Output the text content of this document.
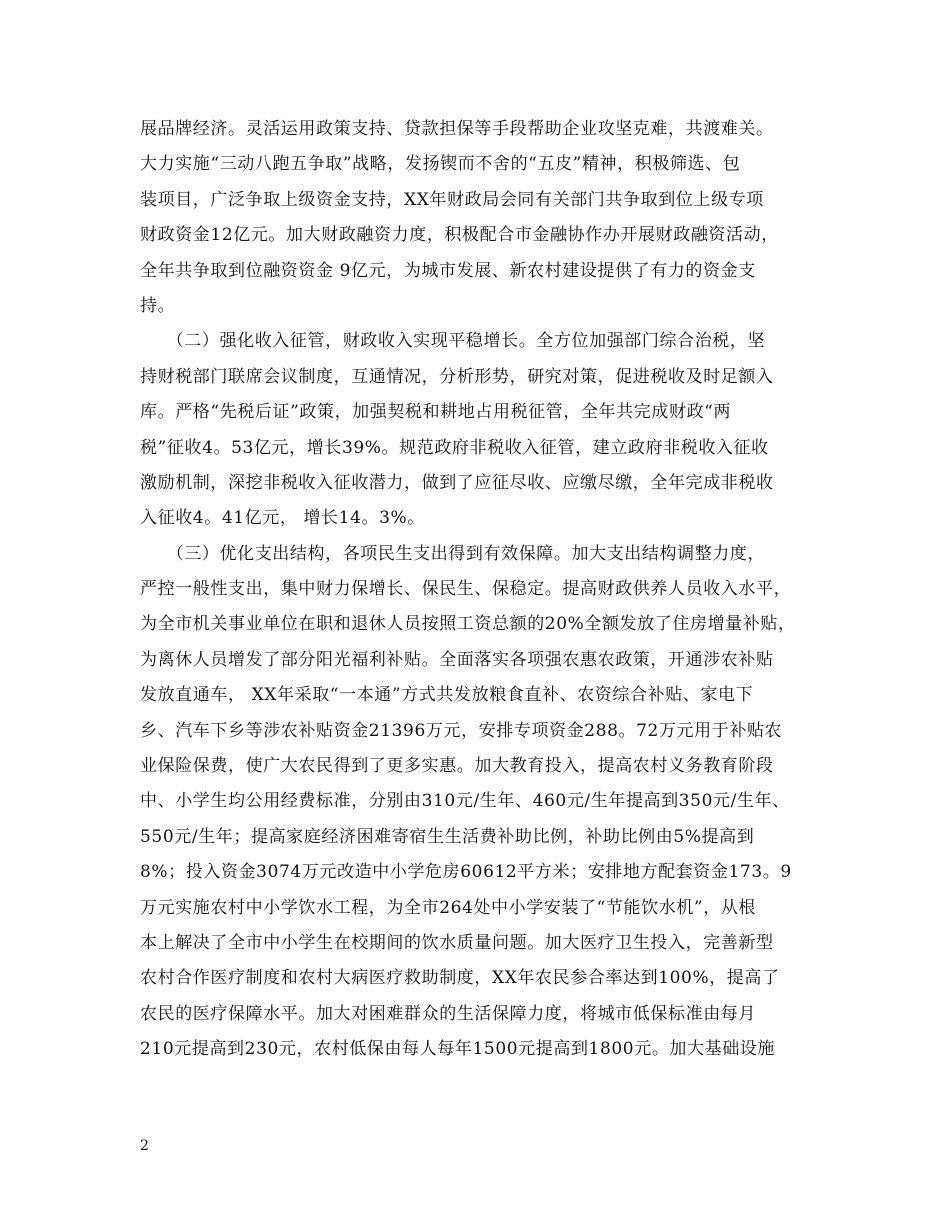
展品牌经济。灵活运用政策支持、贷款担保等手段帮助企业攻坚克难，共渡难关。
大力实施“三动八跑五争取”战略，发扬锲而不舍的“五皮”精神，积极筛选、包
装项目，广泛争取上级资金支持，XX年财政局会同有关部门共争取到位上级专项
财政资金12亿元。加大财政融资力度，积极配合市金融协作办开展财政融资活动，
全年共争取到位融资资金 9亿元，为城市发展、新农村建设提供了有力的资金支
持。
　　（二）强化收入征管，财政收入实现平稳增长。全方位加强部门综合治税，坚
持财税部门联席会议制度，互通情况，分析形势，研究对策，促进税收及时足额入
库。严格“先税后证”政策，加强契税和耕地占用税征管，全年共完成财政“两
税”征收4。53亿元，增长39%。规范政府非税收入征管，建立政府非税收入征收
激励机制，深挖非税收入征收潜力，做到了应征尽收、应缴尽缴，全年完成非税收
入征收4。41亿元， 增长14。3%。
　　（三）优化支出结构，各项民生支出得到有效保障。加大支出结构调整力度，
严控一般性支出，集中财力保增长、保民生、保稳定。提高财政供养人员收入水平，
为全市机关事业单位在职和退休人员按照工资总额的20%全额发放了住房增量补贴，
为离休人员增发了部分阳光福利补贴。全面落实各项强农惠农政策，开通涉农补贴
发放直通车， XX年采取“一本通”方式共发放粮食直补、农资综合补贴、家电下
乡、汽车下乡等涉农补贴资金21396万元，安排专项资金288。72万元用于补贴农
业保险保费，使广大农民得到了更多实惠。加大教育投入，提高农村义务教育阶段
中、小学生均公用经费标准，分别由310元/生年、460元/生年提高到350元/生年、
550元/生年；提高家庭经济困难寄宿生生活费补助比例，补助比例由5%提高到
8%；投入资金3074万元改造中小学危房60612平方米；安排地方配套资金173。9
万元实施农村中小学饮水工程，为全市264处中小学安装了“节能饮水机”，从根
本上解决了全市中小学生在校期间的饮水质量问题。加大医疗卫生投入，完善新型
农村合作医疗制度和农村大病医疗救助制度，XX年农民参合率达到100%，提高了
农民的医疗保障水平。加大对困难群众的生活保障力度，将城市低保标准由每月
210元提高到230元，农村低保由每人每年1500元提高到1800元。加大基础设施
2
